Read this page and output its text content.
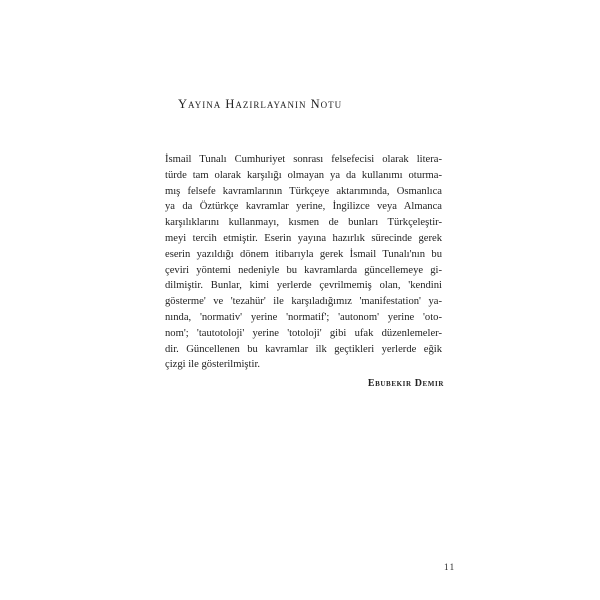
Yayına Hazırlayanın Notu
İsmail Tunalı Cumhuriyet sonrası felsefecisi olarak litera-
türde tam olarak karşılığı olmayan ya da kullanımı oturma-
mış felsefe kavramlarının Türkçeye aktarımında, Osmanlıca
ya da Öztürkçe kavramlar yerine, İngilizce veya Almanca
karşılıklarını kullanmayı, kısmen de bunları Türkçeleştir-
meyi tercih etmiştir. Eserin yayına hazırlık sürecinde gerek
eserin yazıldığı dönem itibarıyla gerek İsmail Tunalı'nın bu
çeviri yöntemi nedeniyle bu kavramlarda güncellemeye gi-
dilmiştir. Bunlar, kimi yerlerde çevrilmemiş olan, 'kendini
gösterme' ve 'tezahür' ile karşıladığımız 'manifestation' ya-
nında, 'normativ' yerine 'normatif'; 'autonom' yerine 'oto-
nom'; 'tautotoloji' yerine 'totoloji' gibi ufak düzenlemeler-
dir. Güncellenen bu kavramlar ilk geçtikleri yerlerde eğik
çizgi ile gösterilmiştir.

Ebubekir Demir

11
